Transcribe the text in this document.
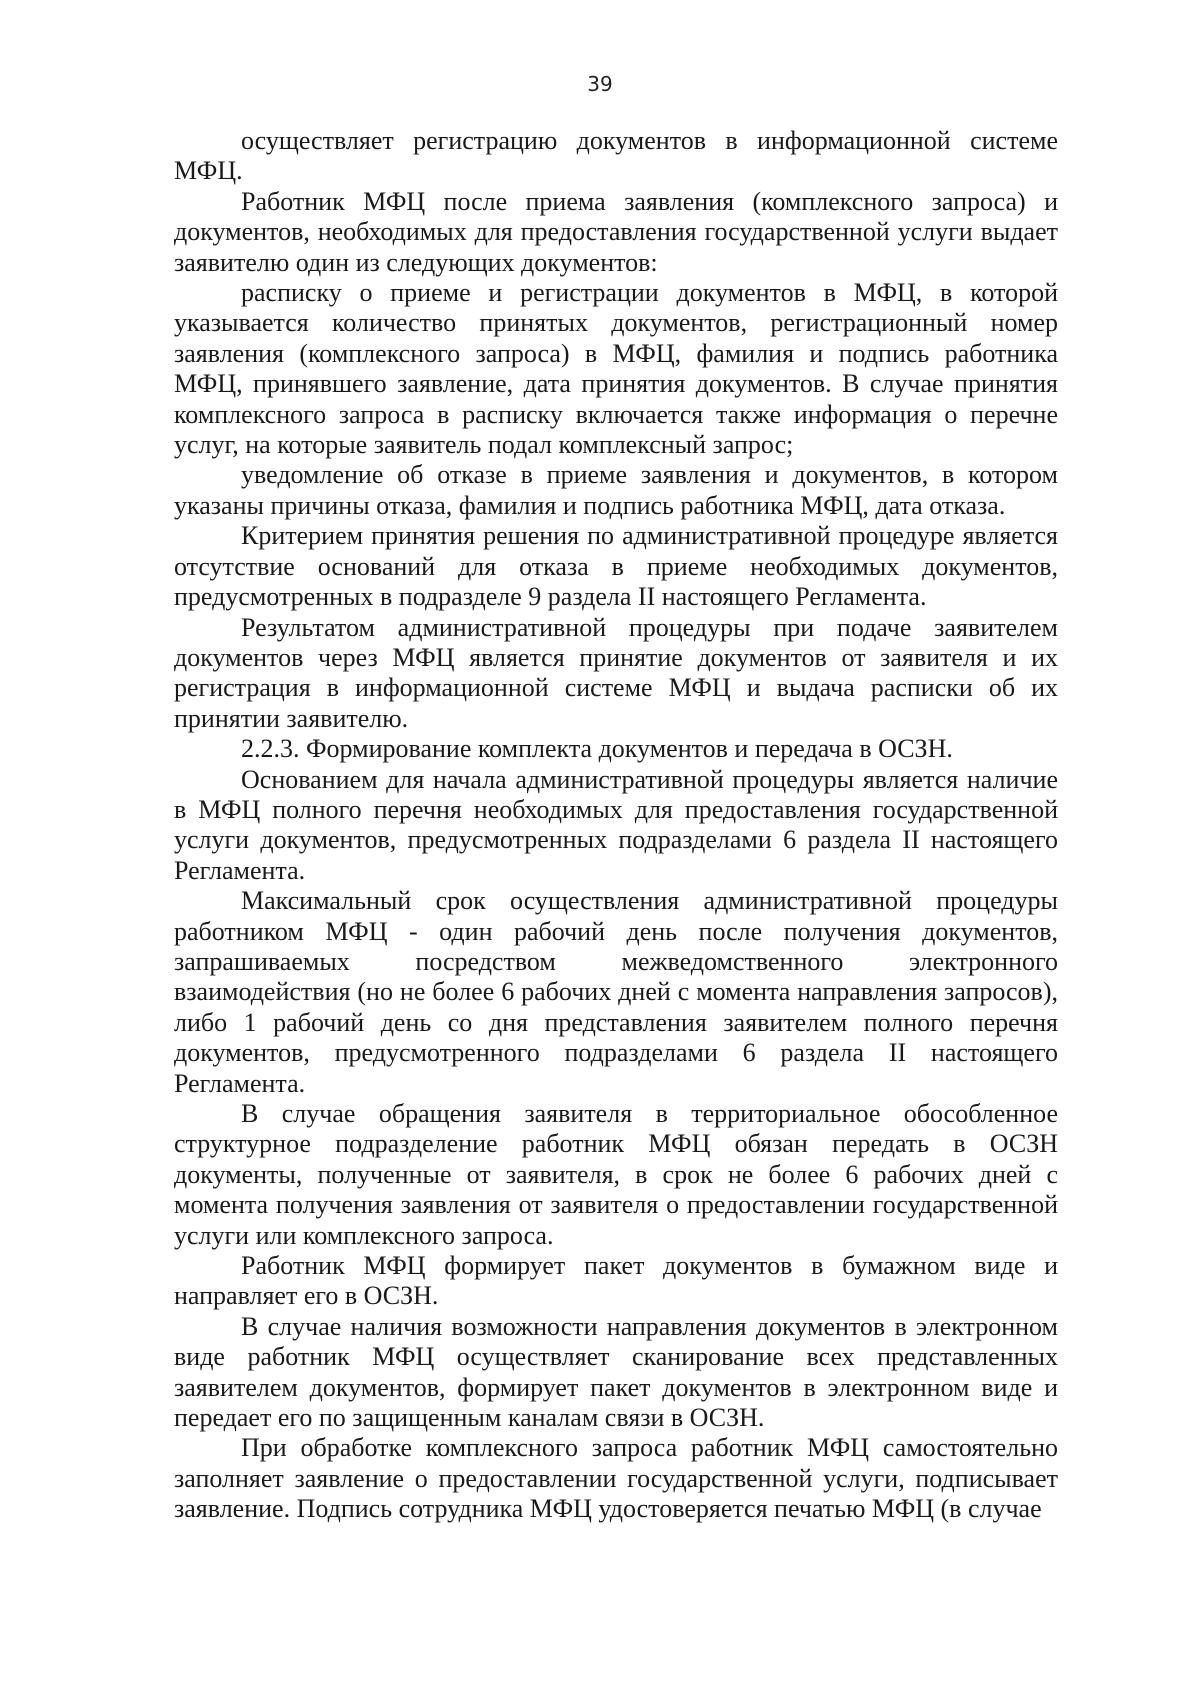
39

осуществляет регистрацию документов в информационной системе МФЦ.

Работник МФЦ после приема заявления (комплексного запроса) и документов, необходимых для предоставления государственной услуги выдает заявителю один из следующих документов:

расписку о приеме и регистрации документов в МФЦ, в которой указывается количество принятых документов, регистрационный номер заявления (комплексного запроса) в МФЦ, фамилия и подпись работника МФЦ, принявшего заявление, дата принятия документов. В случае принятия комплексного запроса в расписку включается также информация о перечне услуг, на которые заявитель подал комплексный запрос;

уведомление об отказе в приеме заявления и документов, в котором указаны причины отказа, фамилия и подпись работника МФЦ, дата отказа.

Критерием принятия решения по административной процедуре является отсутствие оснований для отказа в приеме необходимых документов, предусмотренных в подразделе 9 раздела II настоящего Регламента.

Результатом административной процедуры при подаче заявителем документов через МФЦ является принятие документов от заявителя и их регистрация в информационной системе МФЦ и выдача расписки об их принятии заявителю.

2.2.3. Формирование комплекта документов и передача в ОСЗН.

Основанием для начала административной процедуры является наличие в МФЦ полного перечня необходимых для предоставления государственной услуги документов, предусмотренных подразделами 6 раздела II настоящего Регламента.

Максимальный срок осуществления административной процедуры работником МФЦ - один рабочий день после получения документов, запрашиваемых посредством межведомственного электронного взаимодействия (но не более 6 рабочих дней с момента направления запросов), либо 1 рабочий день со дня представления заявителем полного перечня документов, предусмотренного подразделами 6 раздела II настоящего Регламента.

В случае обращения заявителя в территориальное обособленное структурное подразделение работник МФЦ обязан передать в ОСЗН документы, полученные от заявителя, в срок не более 6 рабочих дней с момента получения заявления от заявителя о предоставлении государственной услуги или комплексного запроса.

Работник МФЦ формирует пакет документов в бумажном виде и направляет его в ОСЗН.

В случае наличия возможности направления документов в электронном виде работник МФЦ осуществляет сканирование всех представленных заявителем документов, формирует пакет документов в электронном виде и передает его по защищенным каналам связи в ОСЗН.

При обработке комплексного запроса работник МФЦ самостоятельно заполняет заявление о предоставлении государственной услуги, подписывает заявление. Подпись сотрудника МФЦ удостоверяется печатью МФЦ (в случае
